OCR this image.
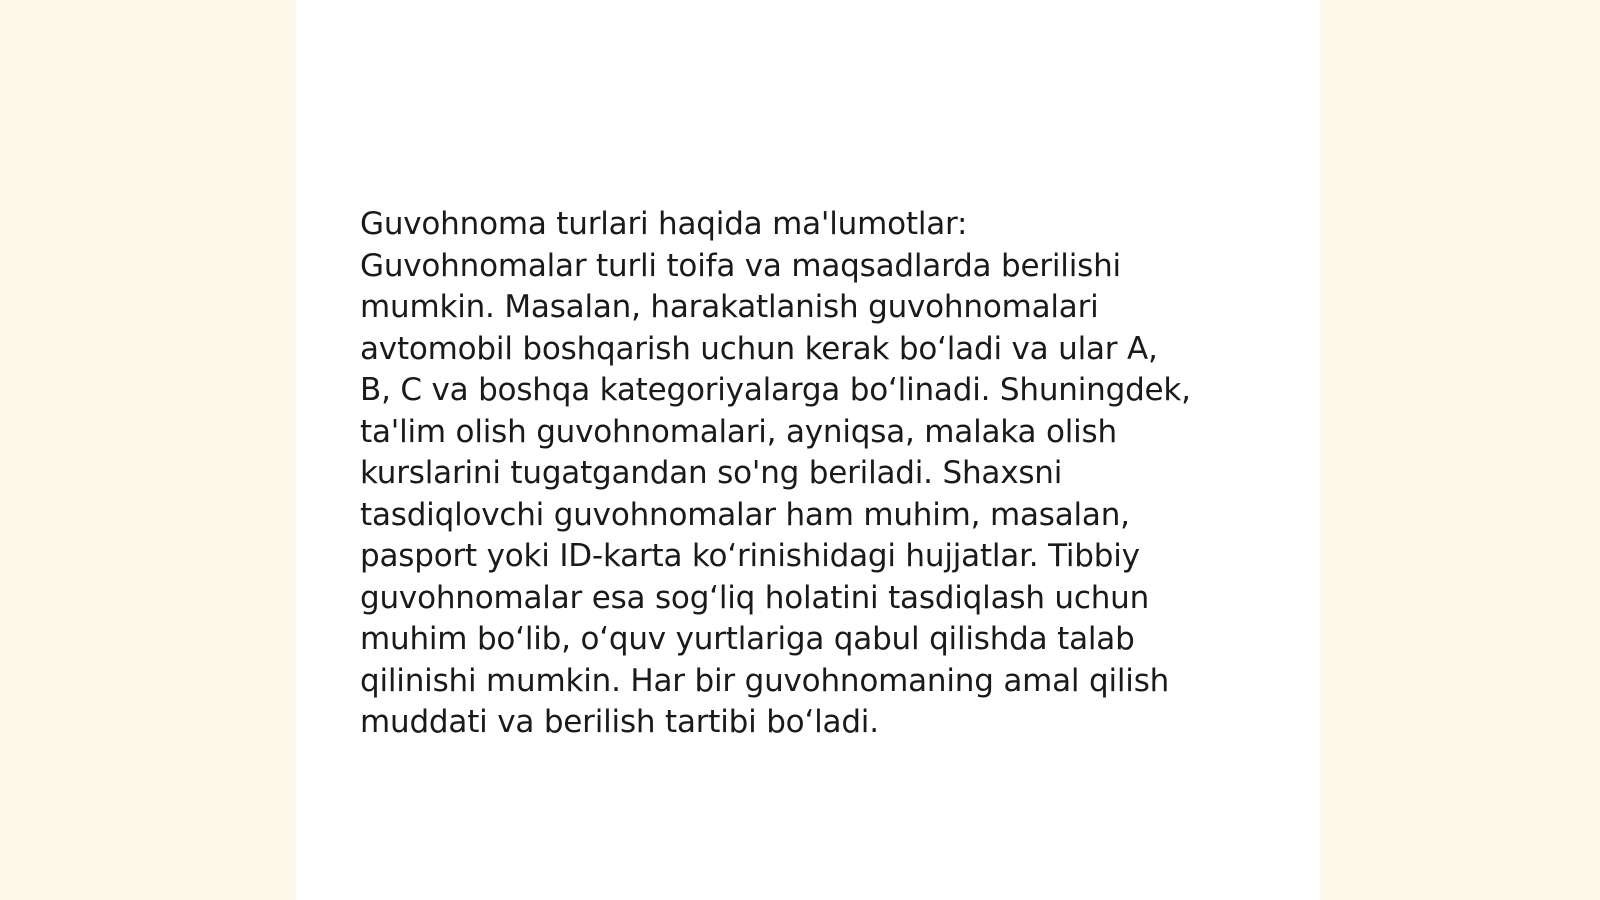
Guvohnoma turlari haqida ma'lumotlar:
Guvohnomalar turli toifa va maqsadlarda berilishi
mumkin. Masalan, harakatlanish guvohnomalari
avtomobil boshqarish uchun kerak boʻladi va ular A,
B, C va boshqa kategoriyalarga boʻlinadi. Shuningdek,
ta'lim olish guvohnomalari, ayniqsa, malaka olish
kurslarini tugatgandan so'ng beriladi. Shaxsni
tasdiqlovchi guvohnomalar ham muhim, masalan,
pasport yoki ID-karta koʻrinishidagi hujjatlar. Tibbiy
guvohnomalar esa sogʻliq holatini tasdiqlash uchun
muhim boʻlib, oʻquv yurtlariga qabul qilishda talab
qilinishi mumkin. Har bir guvohnomaning amal qilish
muddati va berilish tartibi boʻladi.
